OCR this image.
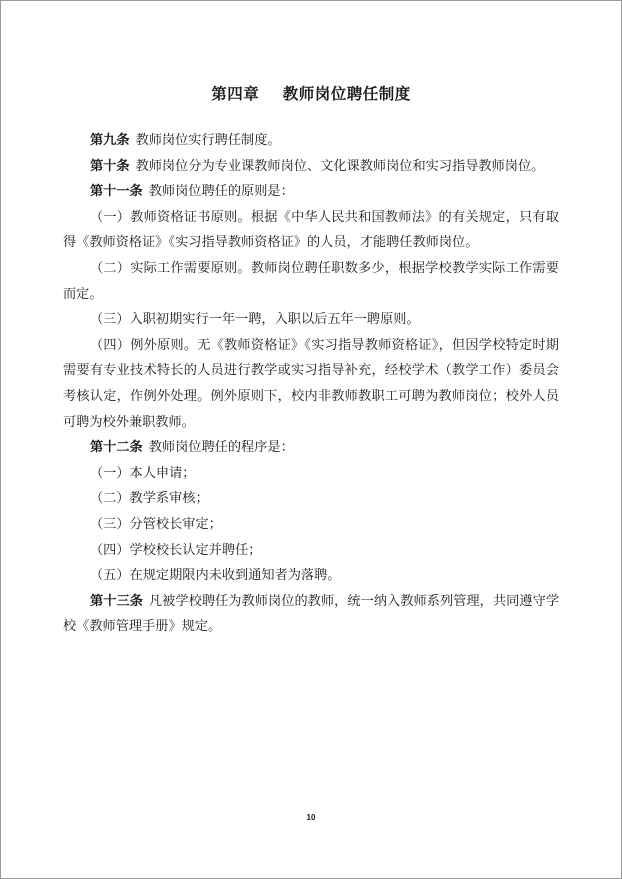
第四章    教师岗位聘任制度

第九条 教师岗位实行聘任制度。

第十条 教师岗位分为专业课教师岗位、文化课教师岗位和实习指导教师岗位。

第十一条 教师岗位聘任的原则是：

（一）教师资格证书原则。根据《中华人民共和国教师法》的有关规定，只有取得《教师资格证》《实习指导教师资格证》的人员，才能聘任教师岗位。

（二）实际工作需要原则。教师岗位聘任职数多少，根据学校教学实际工作需要而定。

（三）入职初期实行一年一聘，入职以后五年一聘原则。

（四）例外原则。无《教师资格证》《实习指导教师资格证》，但因学校特定时期需要有专业技术特长的人员进行教学或实习指导补充，经校学术（教学工作）委员会考核认定，作例外处理。例外原则下，校内非教师教职工可聘为教师岗位；校外人员可聘为校外兼职教师。

第十二条 教师岗位聘任的程序是：

（一）本人申请；

（二）教学系审核；

（三）分管校长审定；

（四）学校校长认定并聘任；

（五）在规定期限内未收到通知者为落聘。

第十三条 凡被学校聘任为教师岗位的教师，统一纳入教师系列管理，共同遵守学校《教师管理手册》规定。

10
